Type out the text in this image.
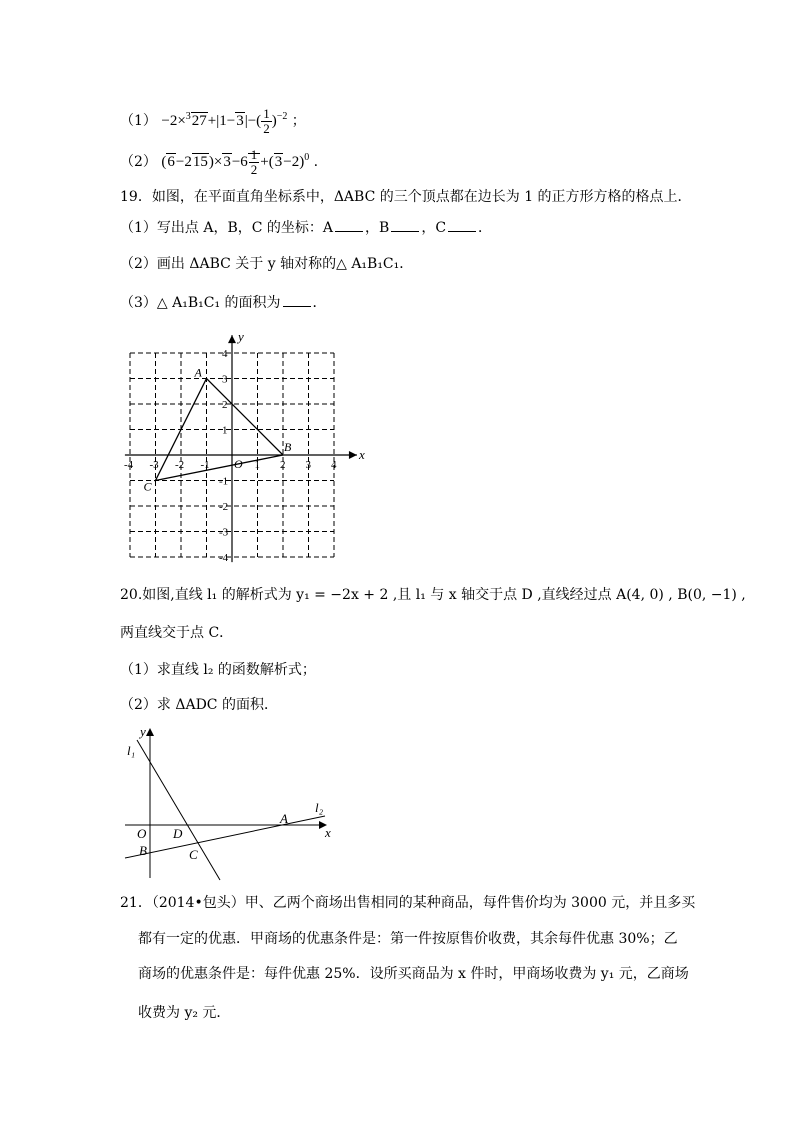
$(1) -2\times^327+|1-3|-( \frac{1}{2} )^{-2}$ ；
（2） $(6-215)\times 3-6 \frac{1}{2} +(3-2)^0$ .
19．如图，在平面直角坐标系中，ΔABC 的三个顶点都在边长为 1 的正方形方格的格点上．
（1）写出点 A，B，C 的坐标：A ，B ，C ．
（2）画出 ΔABC 关于 y 轴对称的△ A₁B₁C₁．
（3）△ A₁B₁C₁ 的面积为 ．
-4 -3 -2 -1	1 2 3 4
4
3
2
1
-1
-2
-3
-4
x
y
O
A
B
C
20.如图,直线 l₁ 的解析式为 y₁ = −2x + 2 ,且 l₁ 与 x 轴交于点 D ,直线经过点 A(4, 0) , B(0, −1) ,
两直线交于点 C．
（1）求直线 l₂ 的函数解析式；
（2）求 ΔADC 的面积．
y
x
l₁
l₂
O D
A
B	C
21．（2014•包头）甲、乙两个商场出售相同的某种商品，每件售价均为 3000 元，并且多买
都有一定的优惠．甲商场的优惠条件是：第一件按原售价收费，其余每件优惠 30%；乙
商场的优惠条件是：每件优惠 25%．设所买商品为 x 件时，甲商场收费为 y₁ 元，乙商场
收费为 y₂ 元．
